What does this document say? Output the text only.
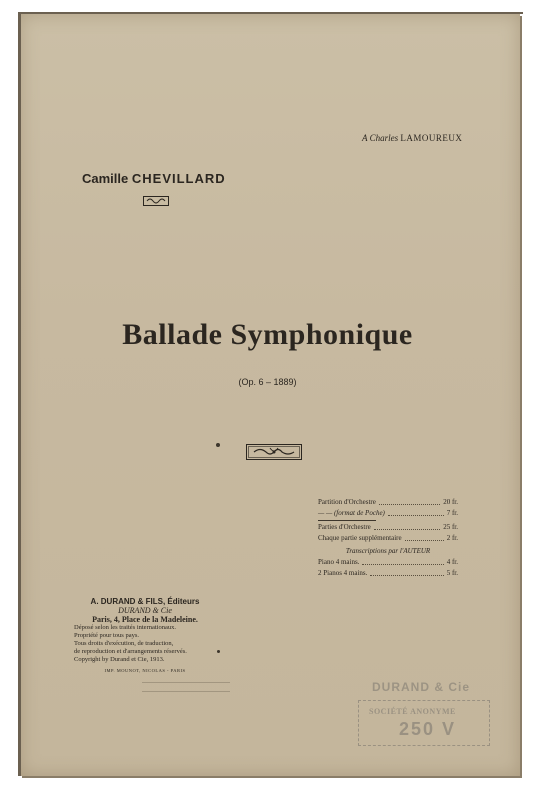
A Charles LAMOUREUX
Camille CHEVILLARD
Ballade Symphonique
(Op. 6 – 1889)
Partition d'Orchestre	20 fr.
— — (format de Poche)	7 fr.
Parties d'Orchestre	25 fr.
Chaque partie supplémentaire	2 fr.
Transcriptions par l'AUTEUR
Piano 4 mains.	4 fr.
2 Pianos 4 mains.	5 fr.
A. DURAND & FILS, Éditeurs
DURAND & Cie
Paris, 4, Place de la Madeleine.
Déposé selon les traités internationaux.
Propriété pour tous pays.
Tous droits d'exécution, de traduction,
de reproduction et d'arrangements réservés.
Copyright by Durand et Cie, 1913.
IMP. MOUNOT, NICOLAS - PARIS
DURAND & Cie
SOCIÉTÉ ANONYME
250 V
